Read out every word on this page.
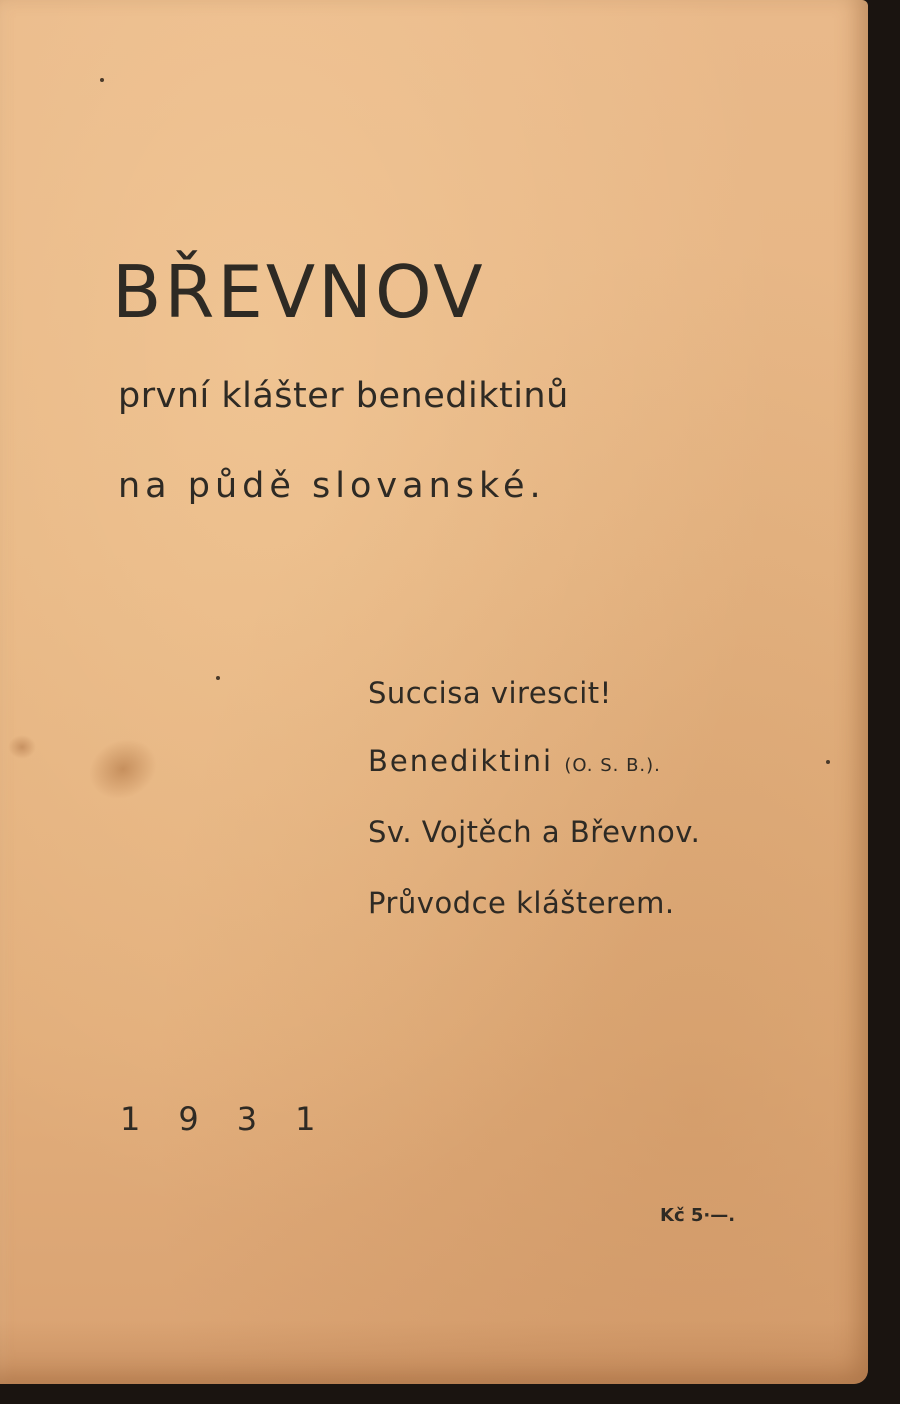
BŘEVNOV
první klášter benediktinů
na půdě slovanské.
Succisa virescit!
Benediktini (O. S. B.).
Sv. Vojtěch a Břevnov.
Průvodce klášterem.
1931
Kč 5·—.
